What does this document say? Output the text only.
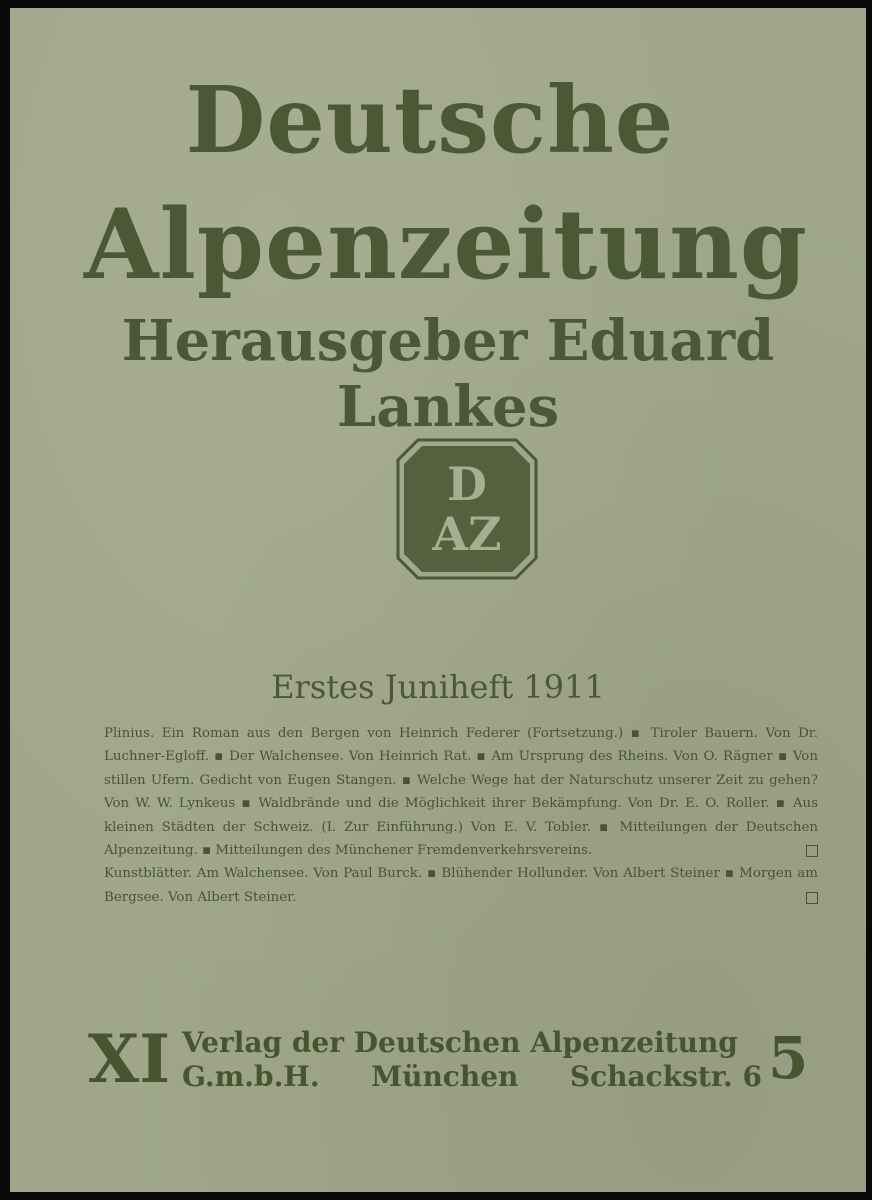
Deutsche
Alpenzeitung
Herausgeber Eduard Lankes
D
AZ
Erstes Juniheft 1911

Plinius. Ein Roman aus den Bergen von Heinrich Federer (Fortsetzung.) ▪ Tiroler Bauern. Von Dr. Luchner-Egloff. ▪ Der Walchensee. Von Heinrich Rat. ▪ Am Ursprung des Rheins. Von O. Rägner ▪ Von stillen Ufern. Gedicht von Eugen Stangen. ▪ Welche Wege hat der Naturschutz unserer Zeit zu gehen? Von W. W. Lynkeus ▪ Waldbrände und die Möglichkeit ihrer Bekämpfung. Von Dr. E. O. Roller. ▪ Aus kleinen Städten der Schweiz. (I. Zur Einführung.) Von E. V. Tobler. ▪ Mitteilungen der Deutschen Alpenzeitung. ▪ Mitteilungen des Münchener Fremdenverkehrsvereins.

Kunstblätter. Am Walchensee. Von Paul Burck. ▪ Blühender Hollunder. Von Albert Steiner ▪ Morgen am Bergsee. Von Albert Steiner.

XI Verlag der Deutschen Alpenzeitung
G.m.b.H. München Schackstr. 6 5
